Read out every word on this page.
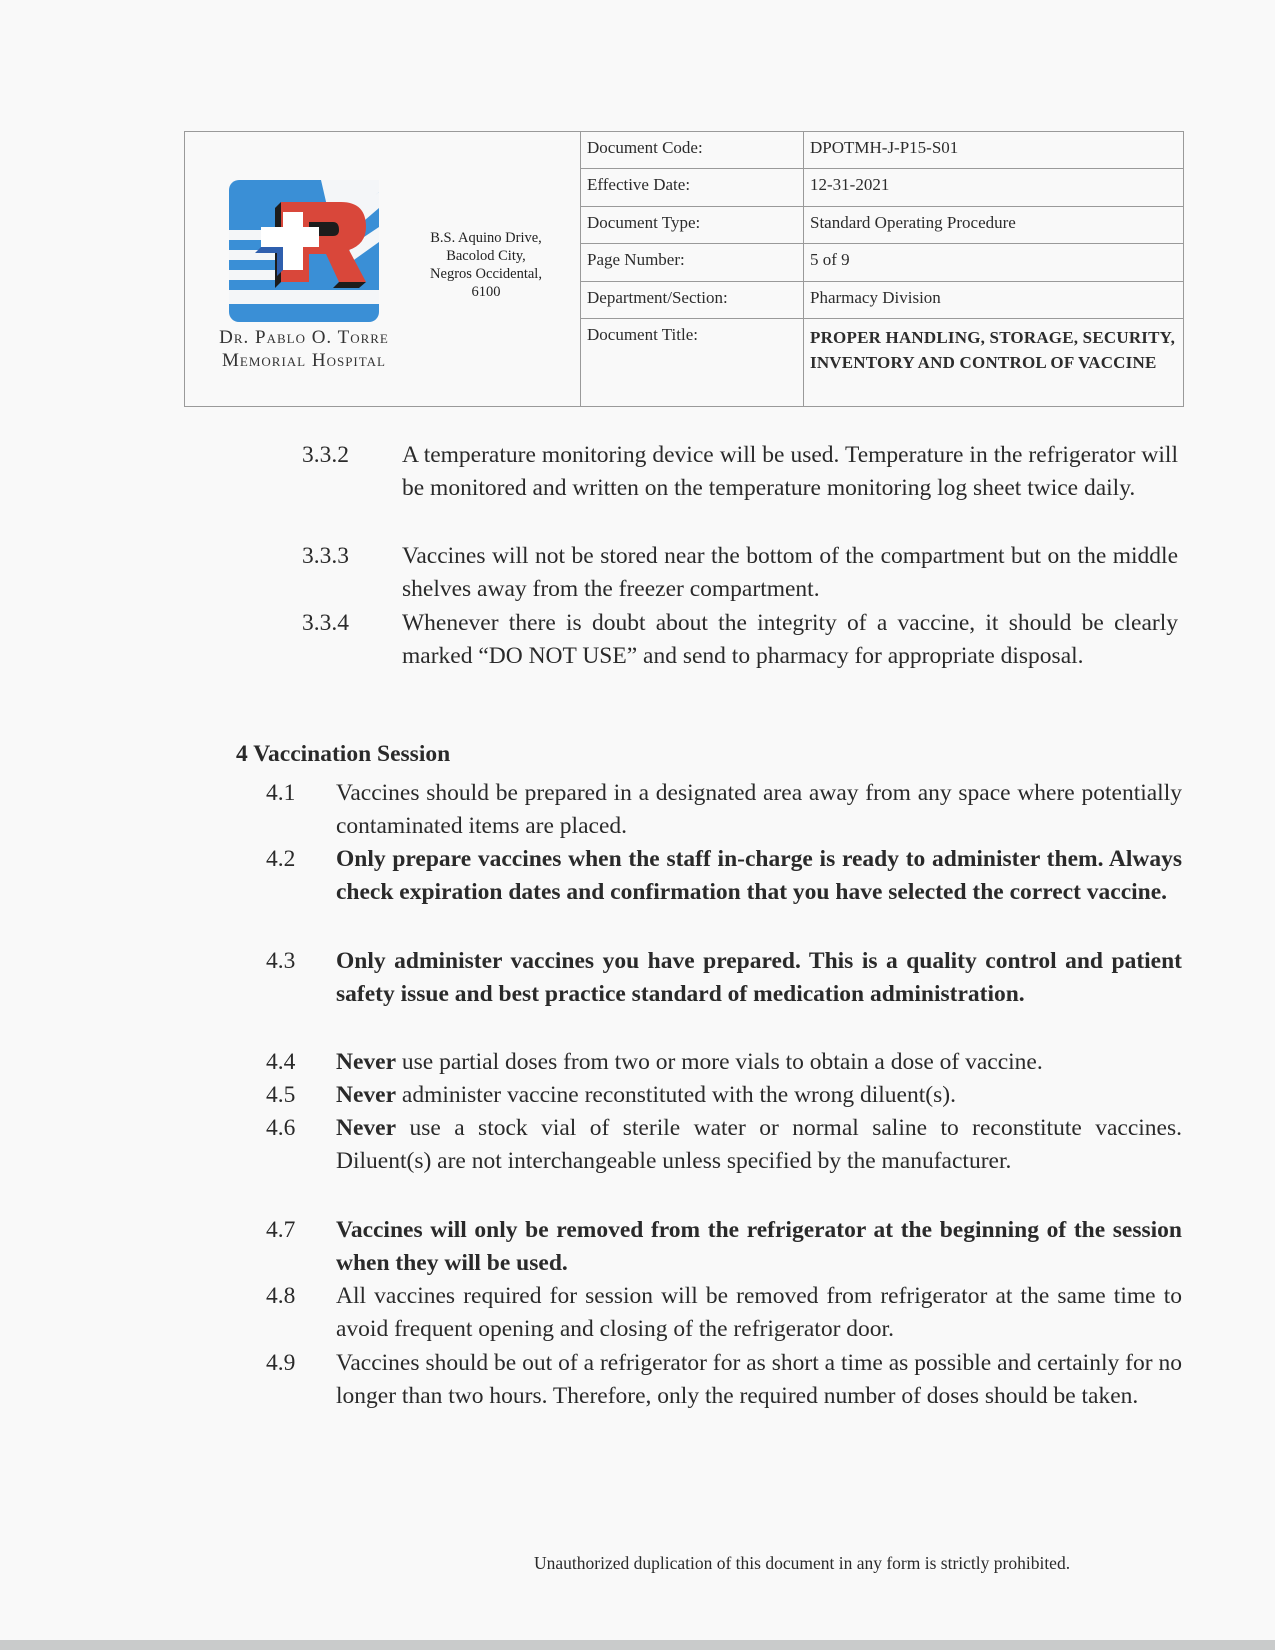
Dr. Pablo O. Torre
Memorial Hospital
B.S. Aquino Drive,
Bacolod City,
Negros Occidental,
6100
Document Code:	DPOTMH-J-P15-S01
Effective Date:	12-31-2021
Document Type:	Standard Operating Procedure
Page Number:	5 of 9
Department/Section:	Pharmacy Division
Document Title:	PROPER HANDLING, STORAGE, SECURITY, INVENTORY AND CONTROL OF VACCINE
3.3.2	A temperature monitoring device will be used. Temperature in the refrigerator will be monitored and written on the temperature monitoring log sheet twice daily.
3.3.3	Vaccines will not be stored near the bottom of the compartment but on the middle shelves away from the freezer compartment.
3.3.4	Whenever there is doubt about the integrity of a vaccine, it should be clearly marked “DO NOT USE” and send to pharmacy for appropriate disposal.
4 Vaccination Session
4.1	Vaccines should be prepared in a designated area away from any space where potentially contaminated items are placed.
4.2	Only prepare vaccines when the staff in-charge is ready to administer them. Always check expiration dates and confirmation that you have selected the correct vaccine.
4.3	Only administer vaccines you have prepared. This is a quality control and patient safety issue and best practice standard of medication administration.
4.4	Never use partial doses from two or more vials to obtain a dose of vaccine.
4.5	Never administer vaccine reconstituted with the wrong diluent(s).
4.6	Never use a stock vial of sterile water or normal saline to reconstitute vaccines. Diluent(s) are not interchangeable unless specified by the manufacturer.
4.7	Vaccines will only be removed from the refrigerator at the beginning of the session when they will be used.
4.8	All vaccines required for session will be removed from refrigerator at the same time to avoid frequent opening and closing of the refrigerator door.
4.9	Vaccines should be out of a refrigerator for as short a time as possible and certainly for no longer than two hours. Therefore, only the required number of doses should be taken.
Unauthorized duplication of this document in any form is strictly prohibited.
